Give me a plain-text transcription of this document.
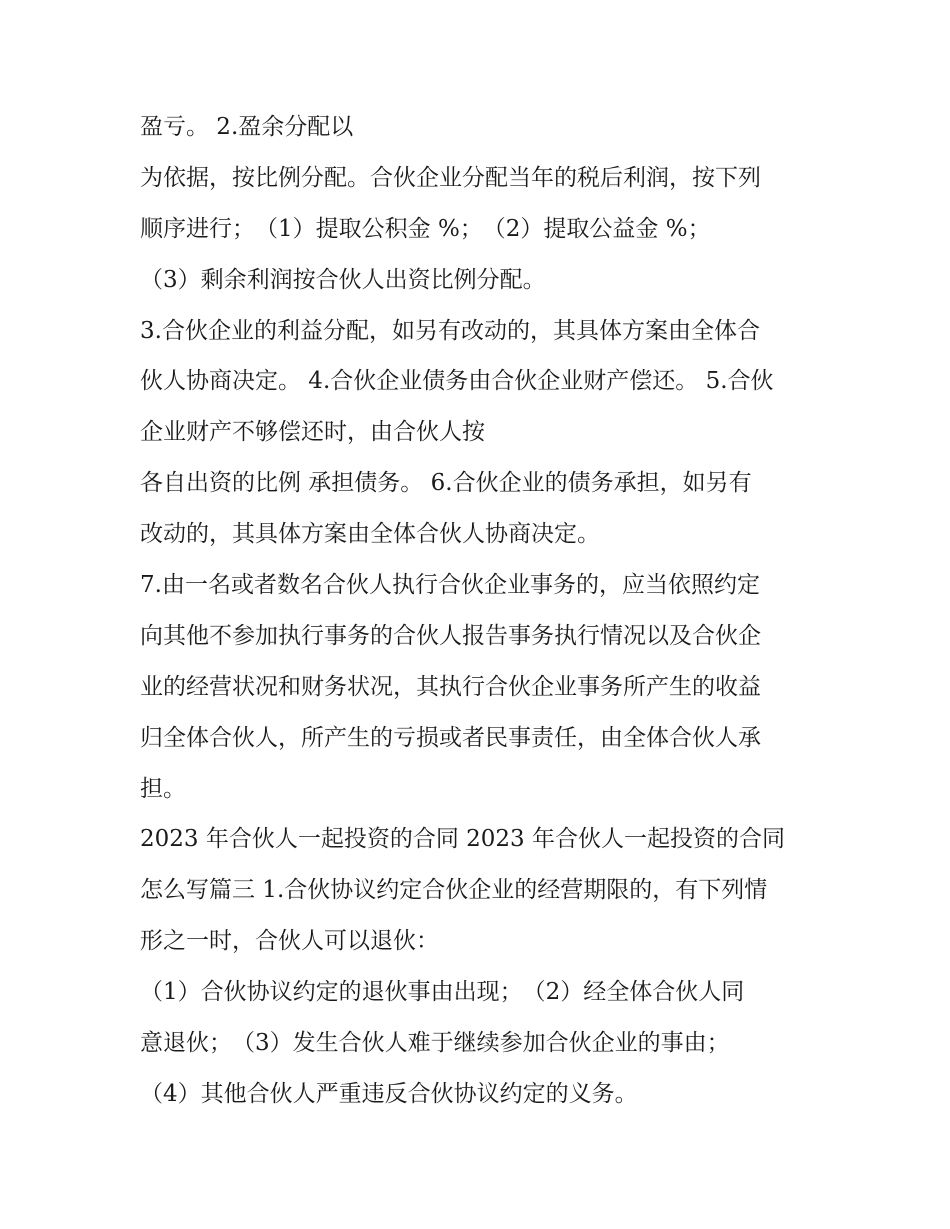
盈亏。 2.盈余分配以

为依据，按比例分配。合伙企业分配当年的税后利润，按下列

顺序进行；　（1）提取公积金 %；　（2）提取公益金 %；

（3）剩余利润按合伙人出资比例分配。

3.合伙企业的利益分配，如另有改动的，其具体方案由全体合

伙人协商决定。 4.合伙企业债务由合伙企业财产偿还。 5.合伙

企业财产不够偿还时，由合伙人按

各自出资的比例 承担债务。 6.合伙企业的债务承担，如另有

改动的，其具体方案由全体合伙人协商决定。

7.由一名或者数名合伙人执行合伙企业事务的，应当依照约定

向其他不参加执行事务的合伙人报告事务执行情况以及合伙企

业的经营状况和财务状况，其执行合伙企业事务所产生的收益

归全体合伙人，所产生的亏损或者民事责任，由全体合伙人承

担。

2023 年合伙人一起投资的合同 2023 年合伙人一起投资的合同

怎么写篇三 1.合伙协议约定合伙企业的经营期限的，有下列情

形之一时，合伙人可以退伙：

（1）合伙协议约定的退伙事由出现；　（2）经全体合伙人同

意退伙；　（3）发生合伙人难于继续参加合伙企业的事由；

（4）其他合伙人严重违反合伙协议约定的义务。
